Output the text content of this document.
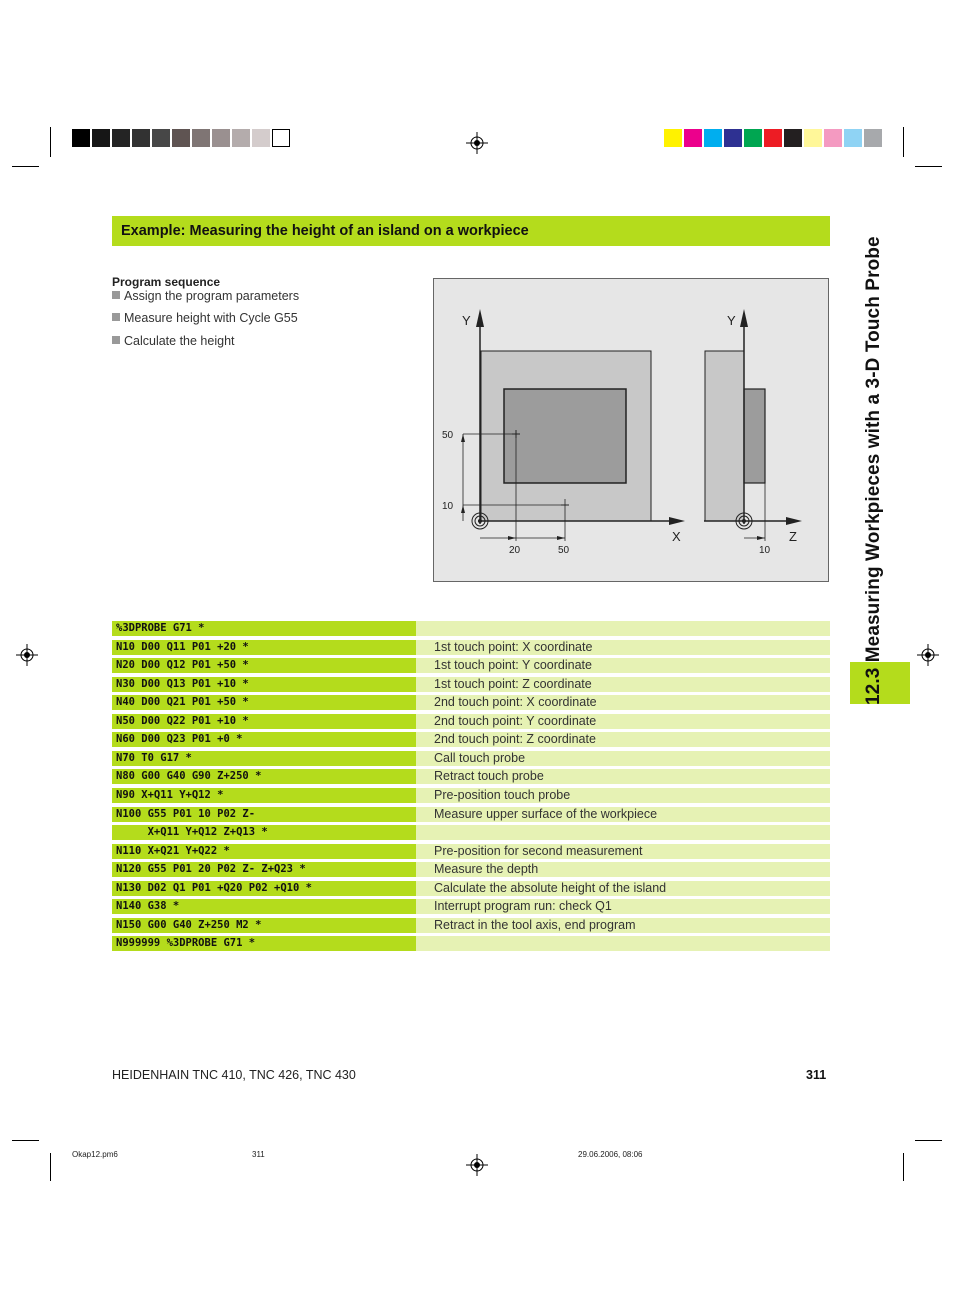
Example: Measuring the height of an island on a workpiece
12.3 Measuring Workpieces with a 3-D Touch Probe
Program sequence
Assign the program parameters
Measure height with Cycle G55
Calculate the height
Y
X
50
10
20	50
Y
Z
10
%3DPROBE G71 *
N10 D00 Q11 P01 +20 *	1st touch point: X coordinate
N20 D00 Q12 P01 +50 *	1st touch point: Y coordinate
N30 D00 Q13 P01 +10 *	1st touch point: Z coordinate
N40 D00 Q21 P01 +50 *	2nd touch point: X coordinate
N50 D00 Q22 P01 +10 *	2nd touch point: Y coordinate
N60 D00 Q23 P01 +0 *	2nd touch point: Z coordinate
N70 T0 G17 *	Call touch probe
N80 G00 G40 G90 Z+250 *	Retract touch probe
N90 X+Q11 Y+Q12 *	Pre-position touch probe
N100 G55 P01 10 P02 Z-	Measure upper surface of the workpiece
X+Q11 Y+Q12 Z+Q13 *
N110 X+Q21 Y+Q22 *	Pre-position for second measurement
N120 G55 P01 20 P02 Z- Z+Q23 *	Measure the depth
N130 D02 Q1 P01 +Q20 P02 +Q10 *	Calculate the absolute height of the island
N140 G38 *	Interrupt program run: check Q1
N150 G00 G40 Z+250 M2 *	Retract in the tool axis, end program
N999999 %3DPROBE G71 *
HEIDENHAIN TNC 410, TNC 426, TNC 430	311
Okap12.pm6	311	29.06.2006, 08:06
